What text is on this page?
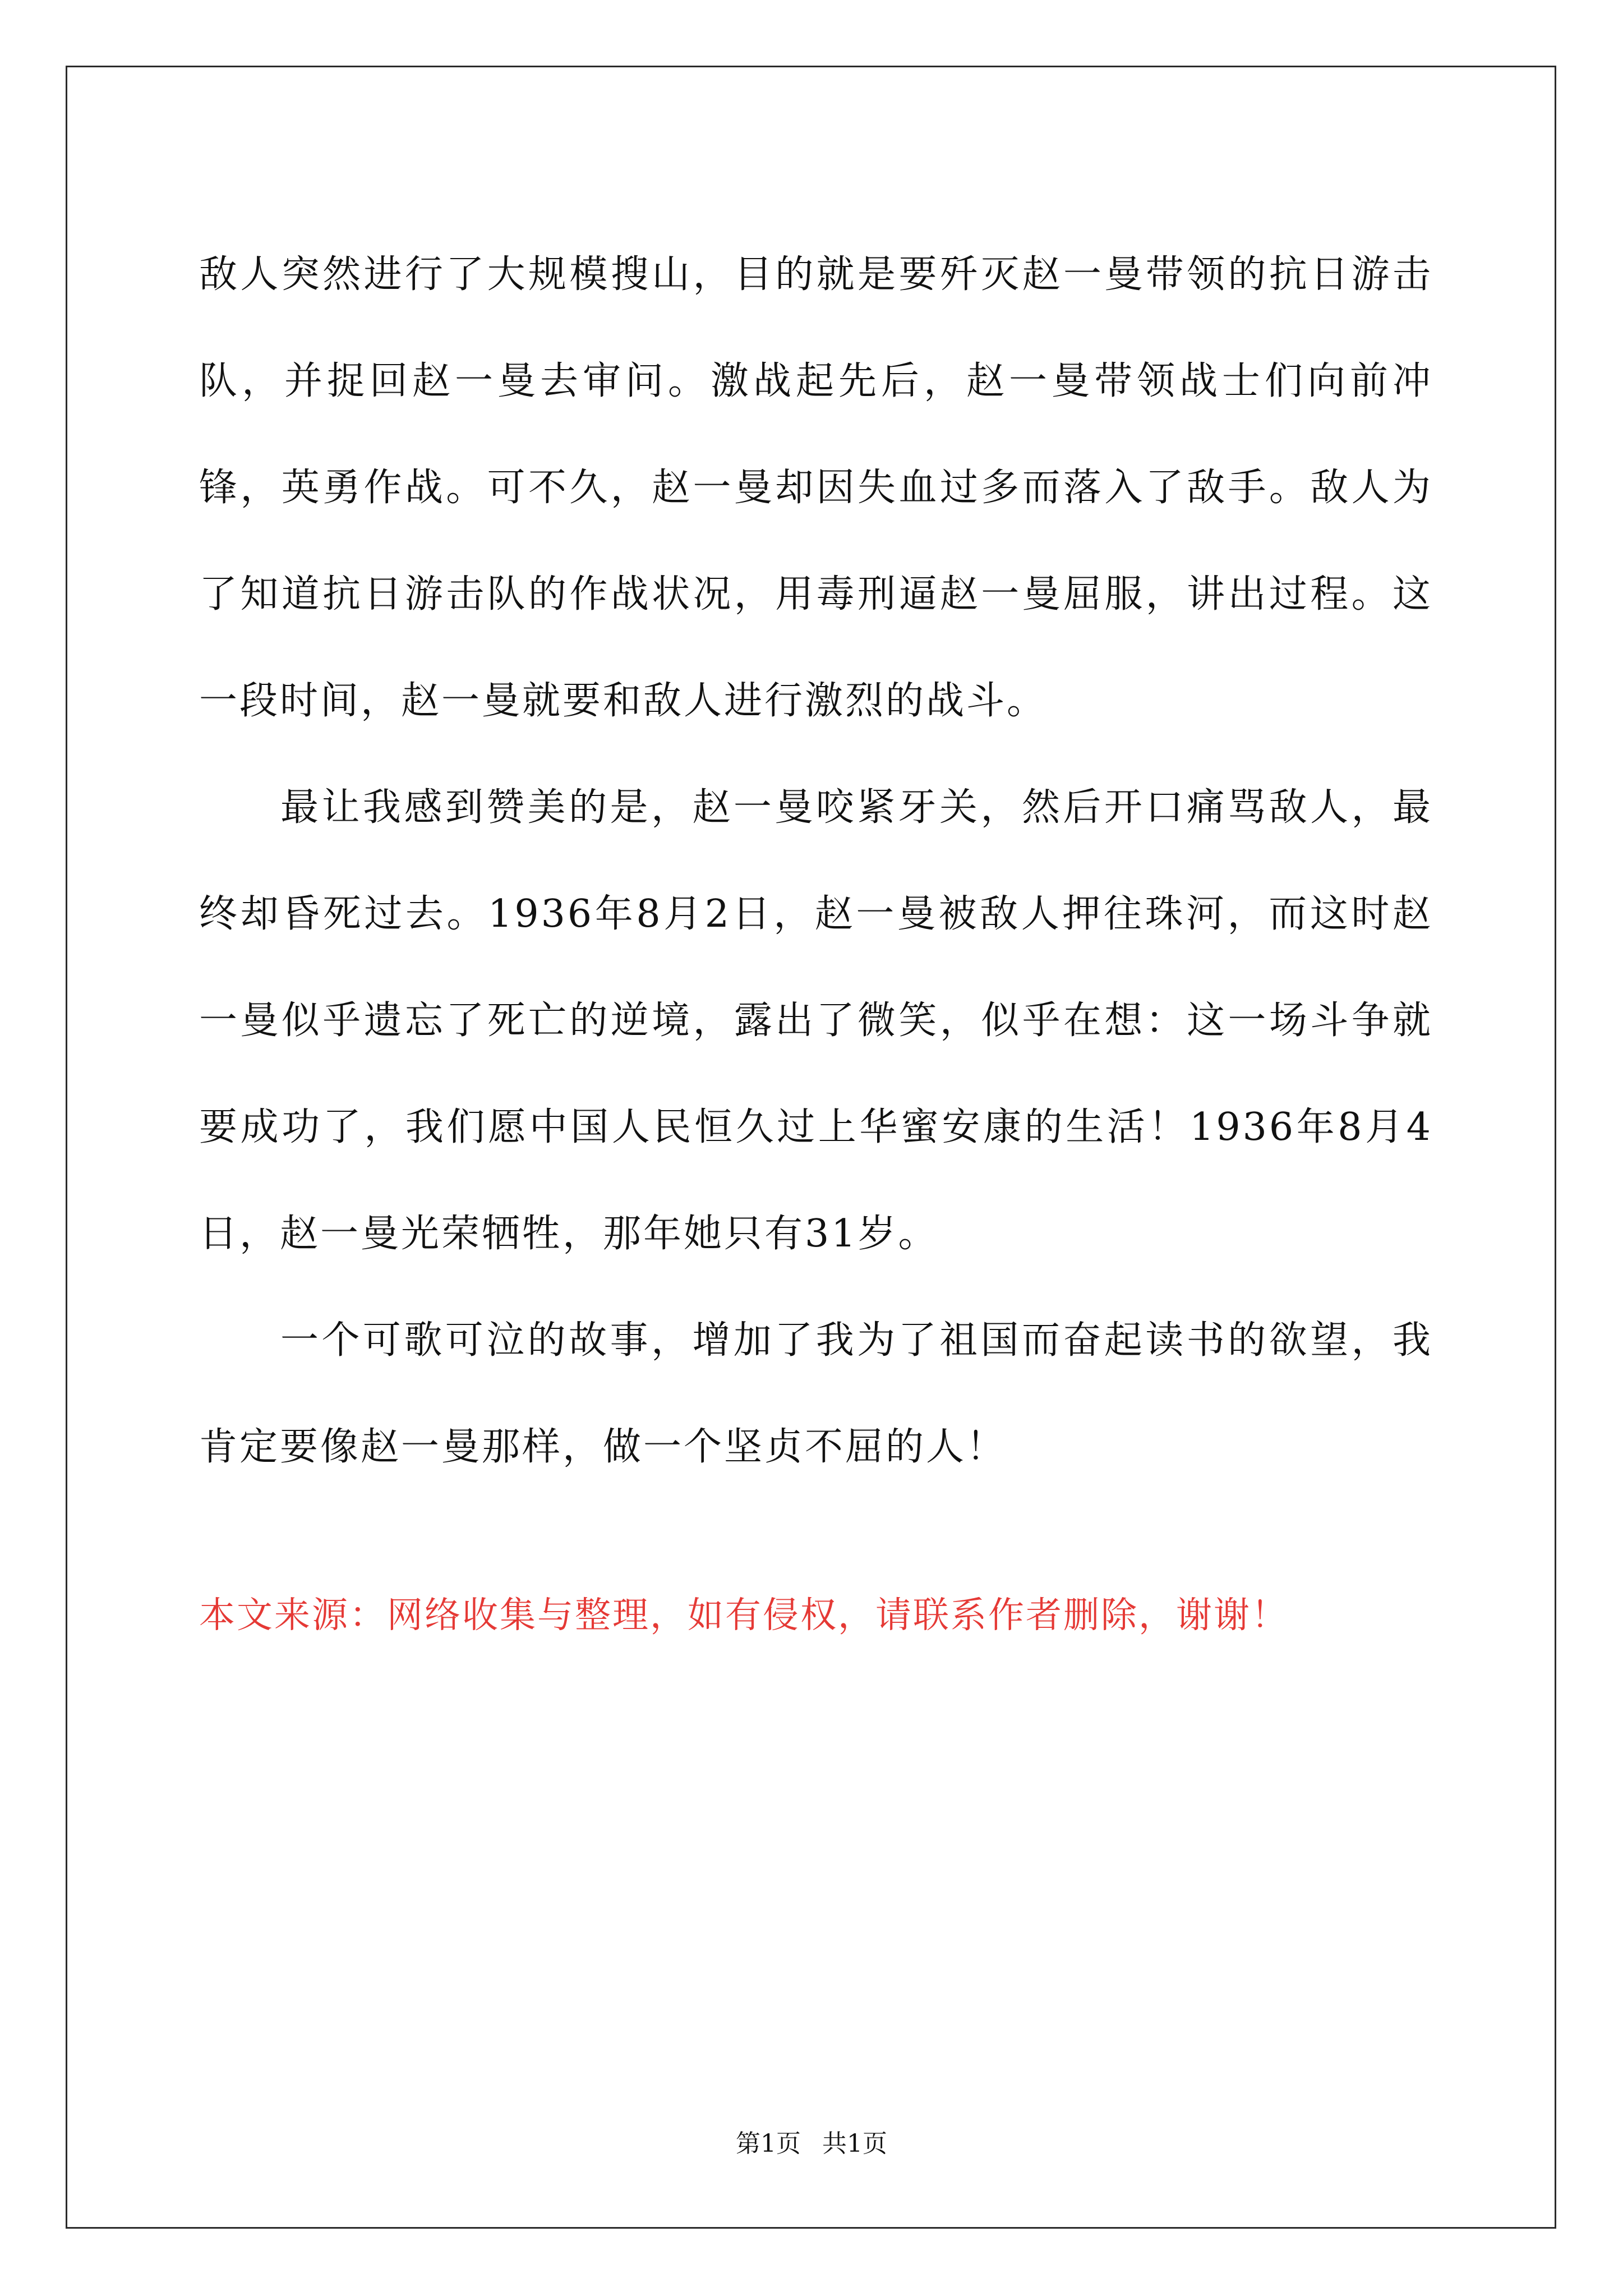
敌人突然进行了大规模搜山，目的就是要歼灭赵一曼带领的抗日游击队，并捉回赵一曼去审问。激战起先后，赵一曼带领战士们向前冲锋，英勇作战。可不久，赵一曼却因失血过多而落入了敌手。敌人为了知道抗日游击队的作战状况，用毒刑逼赵一曼屈服，讲出过程。这一段时间，赵一曼就要和敌人进行激烈的战斗。

最让我感到赞美的是，赵一曼咬紧牙关，然后开口痛骂敌人，最终却昏死过去。1936年8月2日，赵一曼被敌人押往珠河，而这时赵一曼似乎遗忘了死亡的逆境，露出了微笑，似乎在想：这一场斗争就要成功了，我们愿中国人民恒久过上华蜜安康的生活！1936年8月4日，赵一曼光荣牺牲，那年她只有31岁。

一个可歌可泣的故事，增加了我为了祖国而奋起读书的欲望，我肯定要像赵一曼那样，做一个坚贞不屈的人！

本文来源：网络收集与整理，如有侵权，请联系作者删除，谢谢！

第1页 共1页
